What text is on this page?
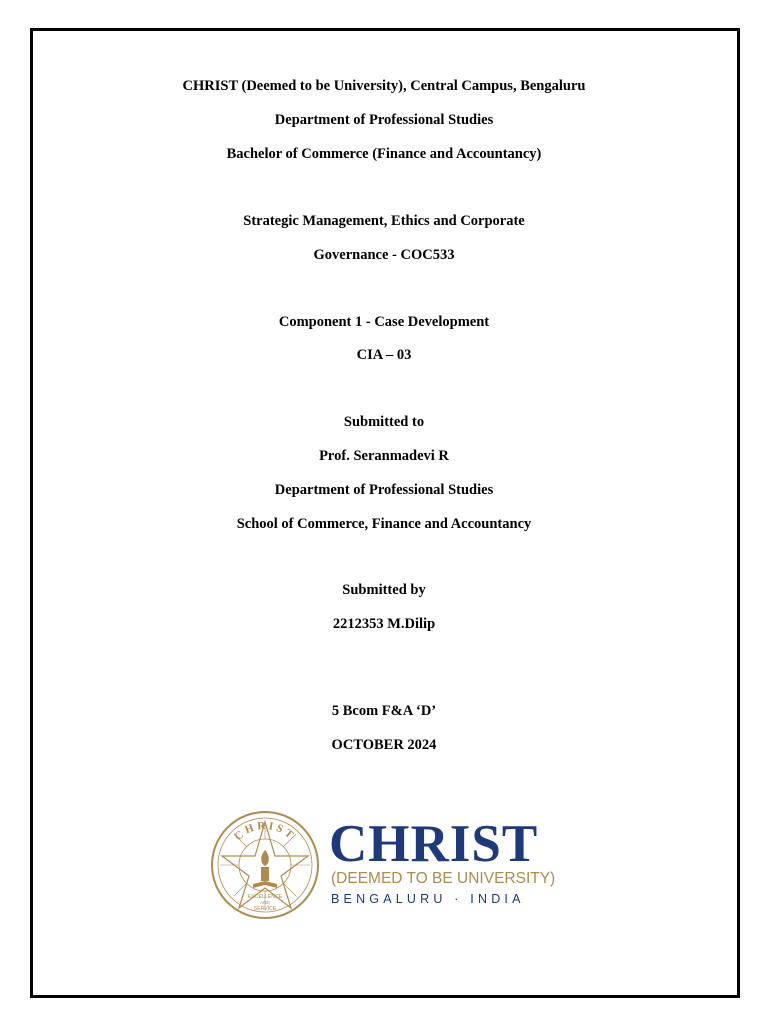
CHRIST (Deemed to be University), Central Campus, Bengaluru
Department of Professional Studies
Bachelor of Commerce (Finance and Accountancy)
Strategic Management, Ethics and Corporate
Governance - COC533
Component 1 - Case Development
CIA – 03
Submitted to
Prof. Seranmadevi R
Department of Professional Studies
School of Commerce, Finance and Accountancy
Submitted by
2212353 M.Dilip
5 Bcom F&A ‘D’
OCTOBER 2024
CHRIST
EXCELLENCE
AND
SERVICE
CHRIST
(DEEMED TO BE UNIVERSITY)
BENGALURU · INDIA
